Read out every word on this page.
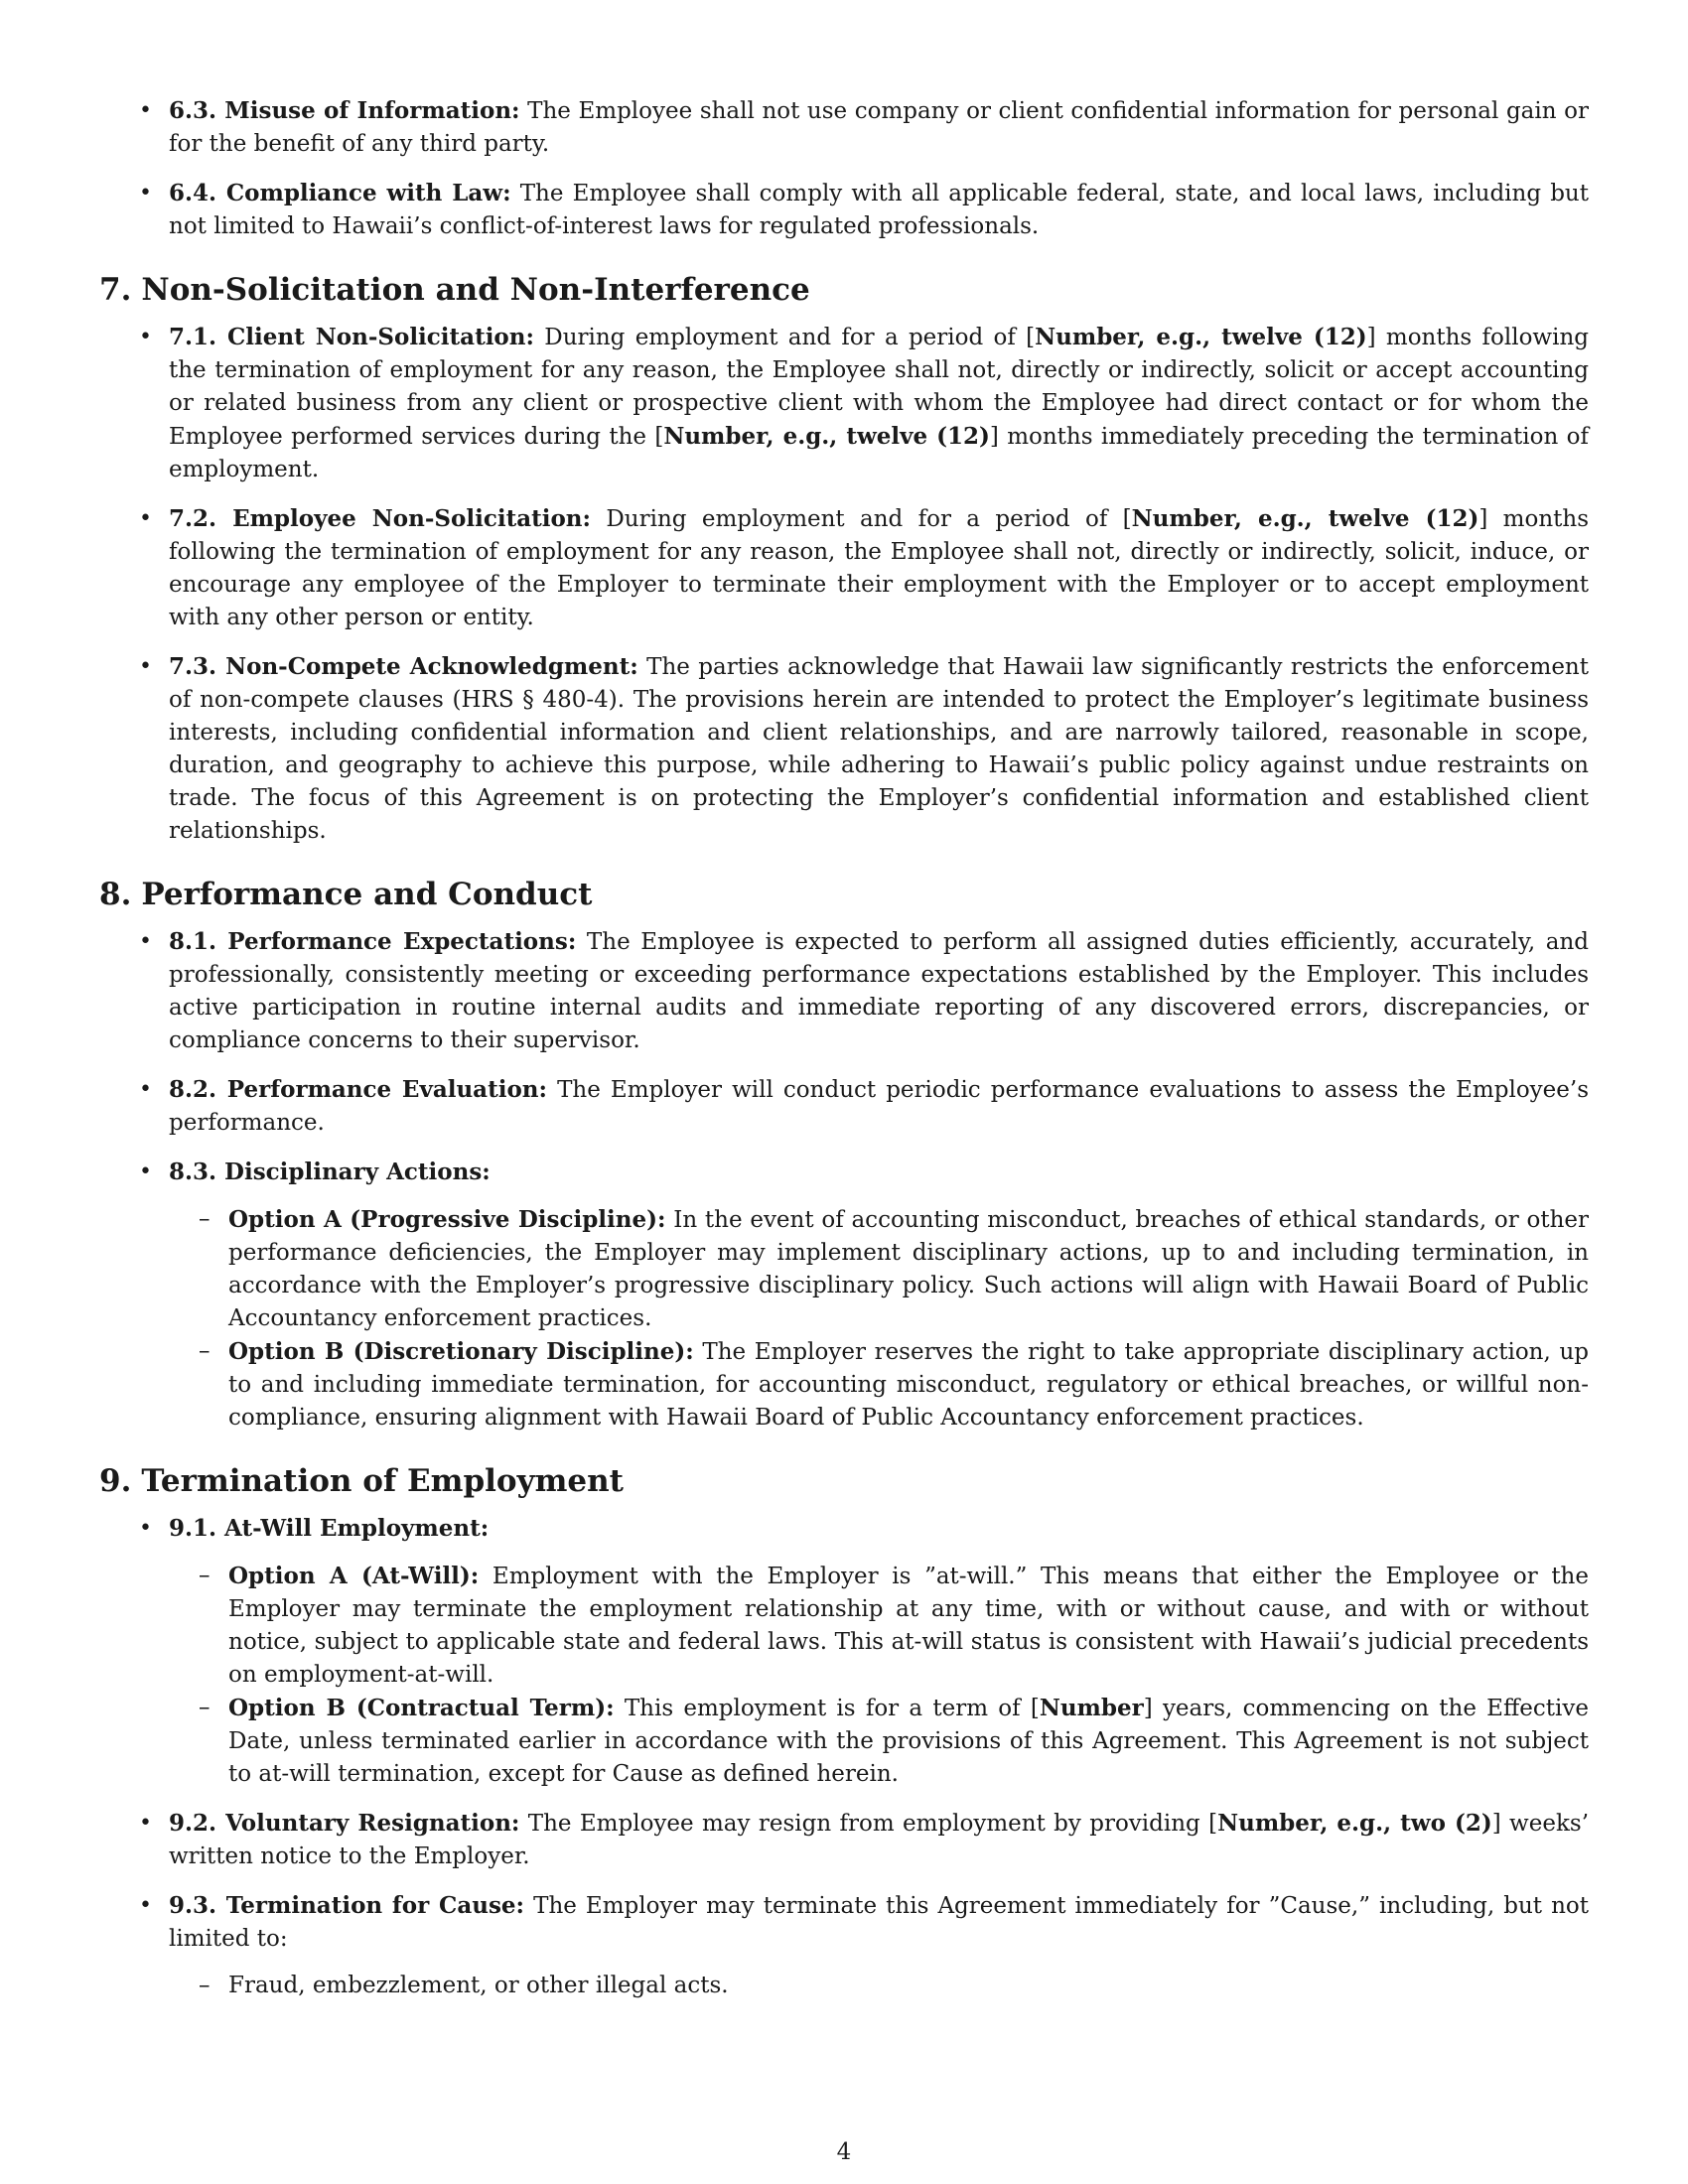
• 6.3. Misuse of Information: The Employee shall not use company or client confidential information for personal gain or for the benefit of any third party.
• 6.4. Compliance with Law: The Employee shall comply with all applicable federal, state, and local laws, including but not limited to Hawaii’s conflict-of-interest laws for regulated professionals.
7. Non-Solicitation and Non-Interference
• 7.1. Client Non-Solicitation: During employment and for a period of [Number, e.g., twelve (12)] months following the termination of employment for any reason, the Employee shall not, directly or indirectly, solicit or accept accounting or related business from any client or prospective client with whom the Employee had direct contact or for whom the Employee performed services during the [Number, e.g., twelve (12)] months immediately preceding the termination of employment.
• 7.2. Employee Non-Solicitation: During employment and for a period of [Number, e.g., twelve (12)] months following the termination of employment for any reason, the Employee shall not, directly or indirectly, solicit, induce, or encourage any employee of the Employer to terminate their employment with the Employer or to accept employment with any other person or entity.
• 7.3. Non-Compete Acknowledgment: The parties acknowledge that Hawaii law significantly restricts the enforcement of non-compete clauses (HRS § 480-4). The provisions herein are intended to protect the Employer’s legitimate business interests, including confidential information and client relationships, and are narrowly tailored, reasonable in scope, duration, and geography to achieve this purpose, while adhering to Hawaii’s public policy against undue restraints on trade. The focus of this Agreement is on protecting the Employer’s confidential information and established client relationships.
8. Performance and Conduct
• 8.1. Performance Expectations: The Employee is expected to perform all assigned duties efficiently, accurately, and professionally, consistently meeting or exceeding performance expectations established by the Employer. This includes active participation in routine internal audits and immediate reporting of any discovered errors, discrepancies, or compliance concerns to their supervisor.
• 8.2. Performance Evaluation: The Employer will conduct periodic performance evaluations to assess the Employee’s performance.
• 8.3. Disciplinary Actions:
– Option A (Progressive Discipline): In the event of accounting misconduct, breaches of ethical standards, or other performance deficiencies, the Employer may implement disciplinary actions, up to and including termination, in accordance with the Employer’s progressive disciplinary policy. Such actions will align with Hawaii Board of Public Accountancy enforcement practices.
– Option B (Discretionary Discipline): The Employer reserves the right to take appropriate disciplinary action, up to and including immediate termination, for accounting misconduct, regulatory or ethical breaches, or willful non-compliance, ensuring alignment with Hawaii Board of Public Accountancy enforcement practices.
9. Termination of Employment
• 9.1. At-Will Employment:
– Option A (At-Will): Employment with the Employer is ”at-will.” This means that either the Employee or the Employer may terminate the employment relationship at any time, with or without cause, and with or without notice, subject to applicable state and federal laws. This at-will status is consistent with Hawaii’s judicial precedents on employment-at-will.
– Option B (Contractual Term): This employment is for a term of [Number] years, commencing on the Effective Date, unless terminated earlier in accordance with the provisions of this Agreement. This Agreement is not subject to at-will termination, except for Cause as defined herein.
• 9.2. Voluntary Resignation: The Employee may resign from employment by providing [Number, e.g., two (2)] weeks’ written notice to the Employer.
• 9.3. Termination for Cause: The Employer may terminate this Agreement immediately for ”Cause,” including, but not limited to:
– Fraud, embezzlement, or other illegal acts.
4
